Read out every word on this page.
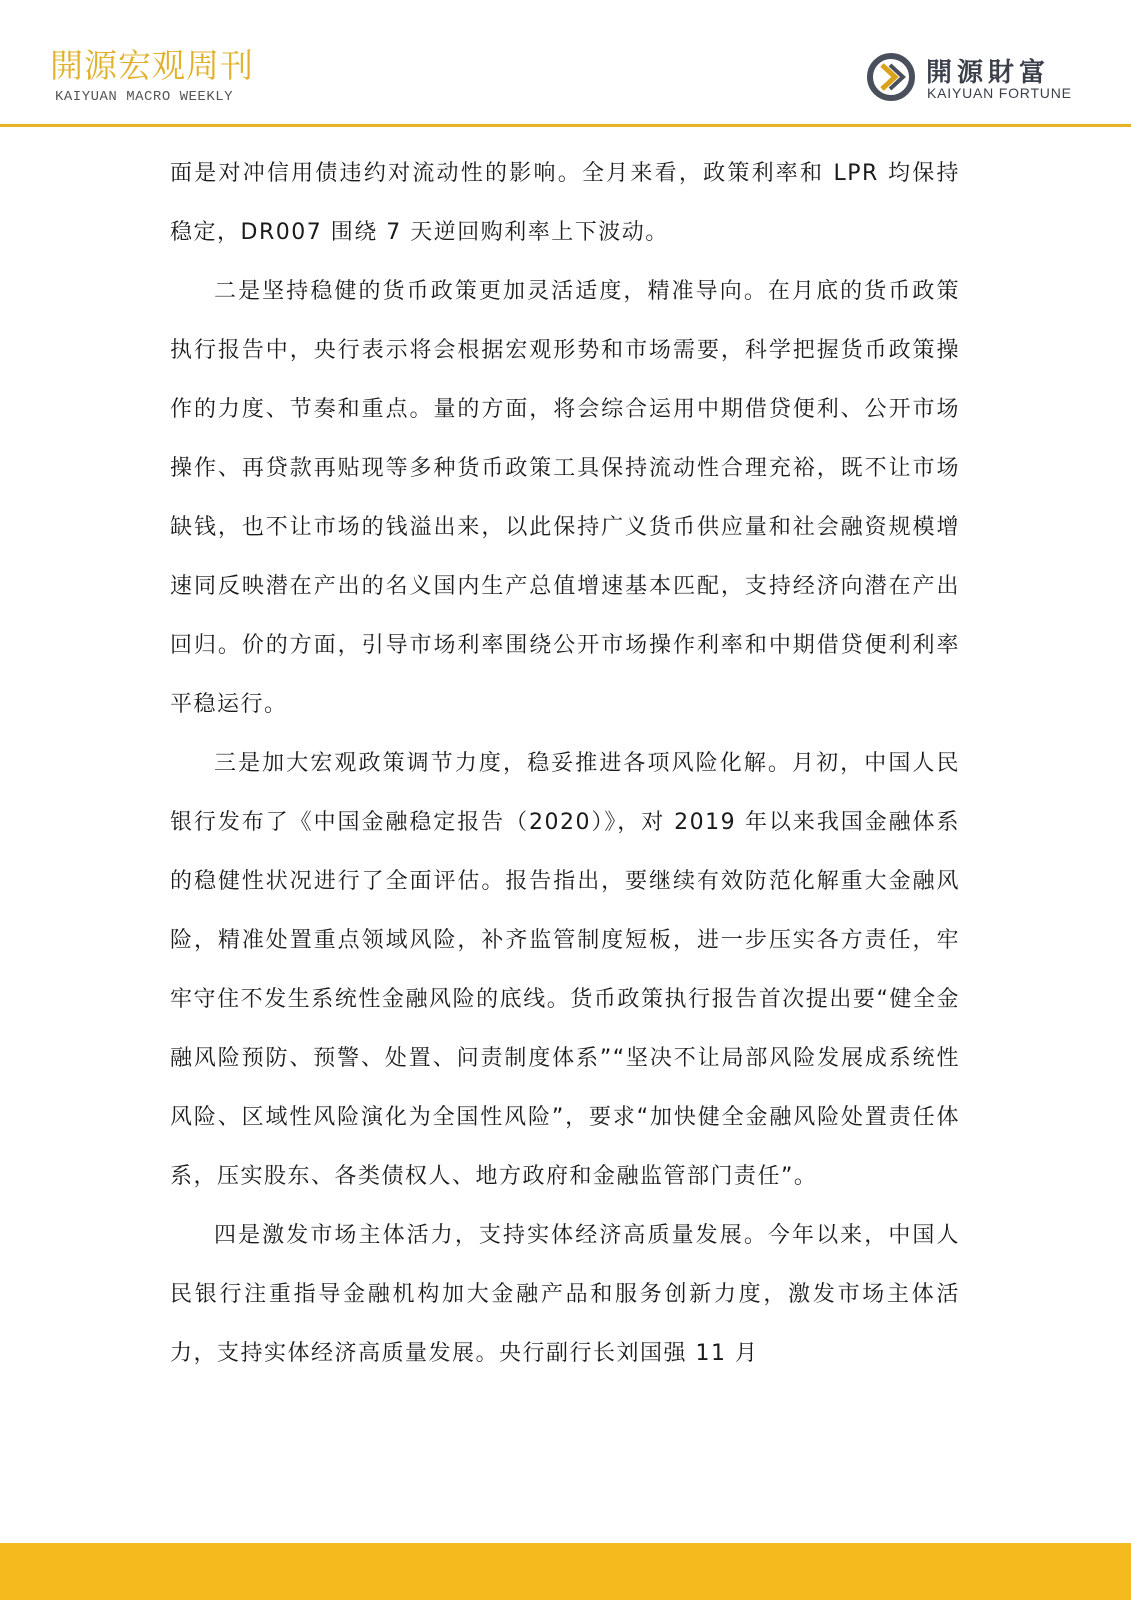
開源宏观周刊
KAIYUAN MACRO WEEKLY
開源財富
KAIYUAN FORTUNE

面是对冲信用债违约对流动性的影响。全月来看，政策利率和 LPR 均保持稳定，DR007 围绕 7 天逆回购利率上下波动。

二是坚持稳健的货币政策更加灵活适度，精准导向。在月底的货币政策执行报告中，央行表示将会根据宏观形势和市场需要，科学把握货币政策操作的力度、节奏和重点。量的方面，将会综合运用中期借贷便利、公开市场操作、再贷款再贴现等多种货币政策工具保持流动性合理充裕，既不让市场缺钱，也不让市场的钱溢出来，以此保持广义货币供应量和社会融资规模增速同反映潜在产出的名义国内生产总值增速基本匹配，支持经济向潜在产出回归。价的方面，引导市场利率围绕公开市场操作利率和中期借贷便利利率平稳运行。

三是加大宏观政策调节力度，稳妥推进各项风险化解。月初，中国人民银行发布了《中国金融稳定报告（2020）》，对 2019 年以来我国金融体系的稳健性状况进行了全面评估。报告指出，要继续有效防范化解重大金融风险，精准处置重点领域风险，补齐监管制度短板，进一步压实各方责任，牢牢守住不发生系统性金融风险的底线。货币政策执行报告首次提出要“健全金融风险预防、预警、处置、问责制度体系”“坚决不让局部风险发展成系统性风险、区域性风险演化为全国性风险”，要求“加快健全金融风险处置责任体系，压实股东、各类债权人、地方政府和金融监管部门责任”。

四是激发市场主体活力，支持实体经济高质量发展。今年以来，中国人民银行注重指导金融机构加大金融产品和服务创新力度，激发市场主体活力，支持实体经济高质量发展。央行副行长刘国强 11 月
